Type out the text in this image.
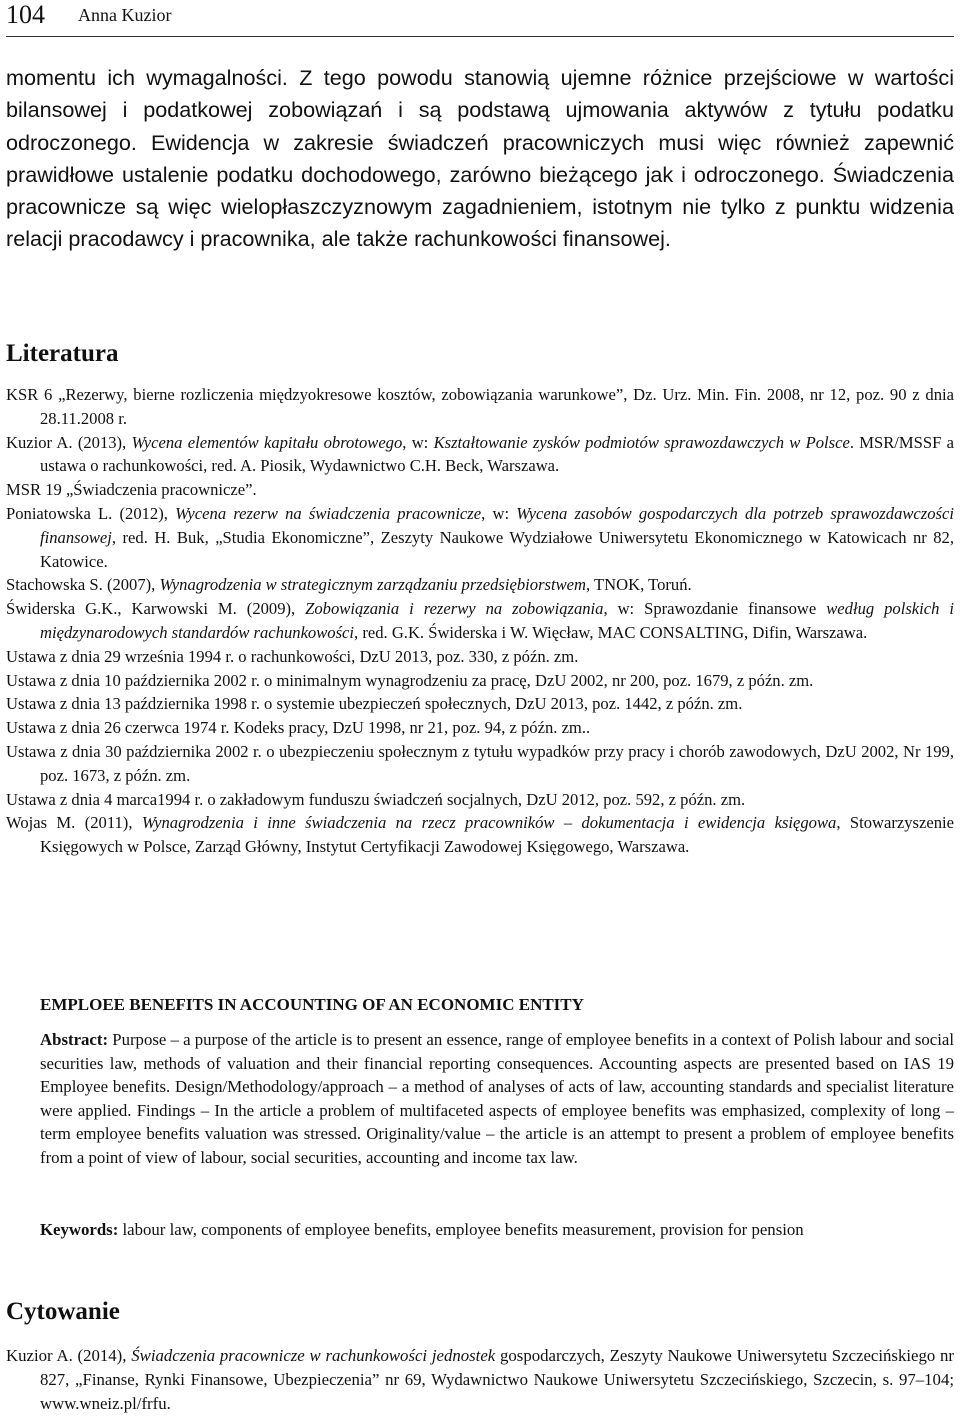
104 Anna Kuzior

momentu ich wymagalności. Z tego powodu stanowią ujemne różnice przejściowe w wartości bilansowej i podatkowej zobowiązań i są podstawą ujmowania aktywów z tytułu podatku odroczonego. Ewidencja w zakresie świadczeń pracowniczych musi więc również zapewnić prawidłowe ustalenie podatku dochodowego, zarówno bieżącego jak i odroczonego. Świadczenia pracownicze są więc wielopłaszczyznowym zagadnieniem, istotnym nie tylko z punktu widzenia relacji pracodawcy i pracownika, ale także rachunkowości finansowej.

Literatura

KSR 6 „Rezerwy, bierne rozliczenia międzyokresowe kosztów, zobowiązania warunkowe”, Dz. Urz. Min. Fin. 2008, nr 12, poz. 90 z dnia 28.11.2008 r.

Kuzior A. (2013), Wycena elementów kapitału obrotowego, w: Kształtowanie zysków podmiotów sprawozdawczych w Polsce. MSR/MSSF a ustawa o rachunkowości, red. A. Piosik, Wydawnictwo C.H. Beck, Warszawa.

MSR 19 „Świadczenia pracownicze”.

Poniatowska L. (2012), Wycena rezerw na świadczenia pracownicze, w: Wycena zasobów gospodarczych dla potrzeb sprawozdawczości finansowej, red. H. Buk, „Studia Ekonomiczne”, Zeszyty Naukowe Wydziałowe Uniwersytetu Ekonomicznego w Katowicach nr 82, Katowice.

Stachowska S. (2007), Wynagrodzenia w strategicznym zarządzaniu przedsiębiorstwem, TNOK, Toruń.

Świderska G.K., Karwowski M. (2009), Zobowiązania i rezerwy na zobowiązania, w: Sprawozdanie finansowe według polskich i międzynarodowych standardów rachunkowości, red. G.K. Świderska i W. Więcław, MAC CONSALTING, Difin, Warszawa.

Ustawa z dnia 29 września 1994 r. o rachunkowości, DzU 2013, poz. 330, z późn. zm.

Ustawa z dnia 10 października 2002 r. o minimalnym wynagrodzeniu za pracę, DzU 2002, nr 200, poz. 1679, z późn. zm.

Ustawa z dnia 13 października 1998 r. o systemie ubezpieczeń społecznych, DzU 2013, poz. 1442, z późn. zm.

Ustawa z dnia 26 czerwca 1974 r. Kodeks pracy, DzU 1998, nr 21, poz. 94, z późn. zm..

Ustawa z dnia 30 października 2002 r. o ubezpieczeniu społecznym z tytułu wypadków przy pracy i chorób zawodowych, DzU 2002, Nr 199, poz. 1673, z późn. zm.

Ustawa z dnia 4 marca1994 r. o zakładowym funduszu świadczeń socjalnych, DzU 2012, poz. 592, z późn. zm.

Wojas M. (2011), Wynagrodzenia i inne świadczenia na rzecz pracowników – dokumentacja i ewidencja księgowa, Stowarzyszenie Księgowych w Polsce, Zarząd Główny, Instytut Certyfikacji Zawodowej Księgowego, Warszawa.

EMPLOEE BENEFITS IN ACCOUNTING OF AN ECONOMIC ENTITY

Abstract: Purpose – a purpose of the article is to present an essence, range of employee benefits in a context of Polish labour and social securities law, methods of valuation and their financial reporting consequences. Accounting aspects are presented based on IAS 19 Employee benefits. Design/Methodology/approach – a method of analyses of acts of law, accounting standards and specialist literature were applied. Findings – In the article a problem of multifaceted aspects of employee benefits was emphasized, complexity of long – term employee benefits valuation was stressed. Originality/value – the article is an attempt to present a problem of employee benefits from a point of view of labour, social securities, accounting and income tax law.

Keywords: labour law, components of employee benefits, employee benefits measurement, provision for pension

Cytowanie

Kuzior A. (2014), Świadczenia pracownicze w rachunkowości jednostek gospodarczych, Zeszyty Naukowe Uniwersytetu Szczecińskiego nr 827, „Finanse, Rynki Finansowe, Ubezpieczenia” nr 69, Wydawnictwo Naukowe Uniwersytetu Szczecińskiego, Szczecin, s. 97–104; www.wneiz.pl/frfu.
